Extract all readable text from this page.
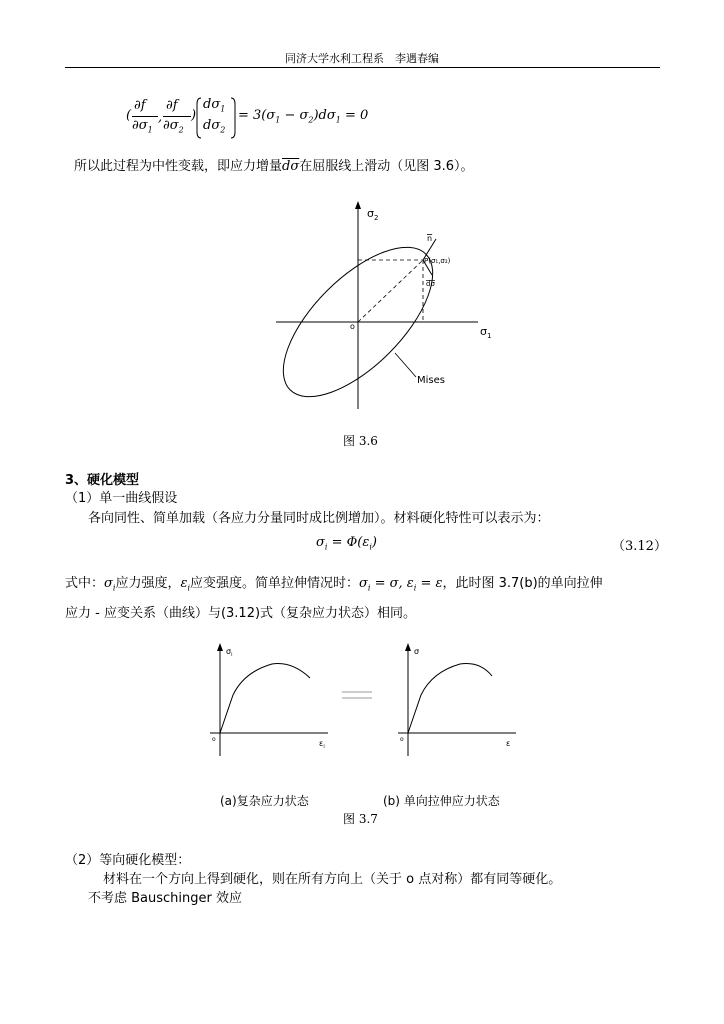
同济大学水利工程系　李遇春编
(
∂f
$\partial\sigma_1$
,
∂f
$\partial\sigma_2$
)
$d\sigma_1$
$d\sigma_2$
= $3(\sigma_1 - \sigma_2)d\sigma_1 = 0$
所以此过程为中性变载，即应力增量$\overline{d\sigma}$在屈服线上滑动（见图 3.6）。
$\sigma_2$
$\sigma_1$
o
n
P(σ₁,σ₂)
dσ
Mises
图 3.6
3、硬化模型
（1）单一曲线假设
各向同性、简单加载（各应力分量同时成比例增加）。材料硬化特性可以表示为：
$\sigma_i = \Phi(\varepsilon_i)$	（3.12）
式中：$\sigma_i$应力强度，$\varepsilon_i$应变强度。简单拉伸情况时：$\sigma_i = \sigma$, $\varepsilon_i = \varepsilon$，此时图 3.7(b)的单向拉伸
应力 - 应变关系（曲线）与(3.12)式（复杂应力状态）相同。
$\sigma_i$
$\varepsilon_i$
o
σ
ε
o
(a)复杂应力状态	(b) 单向拉伸应力状态
图 3.7
（2）等向硬化模型：
材料在一个方向上得到硬化，则在所有方向上（关于 o 点对称）都有同等硬化。
不考虑 Bauschinger 效应
